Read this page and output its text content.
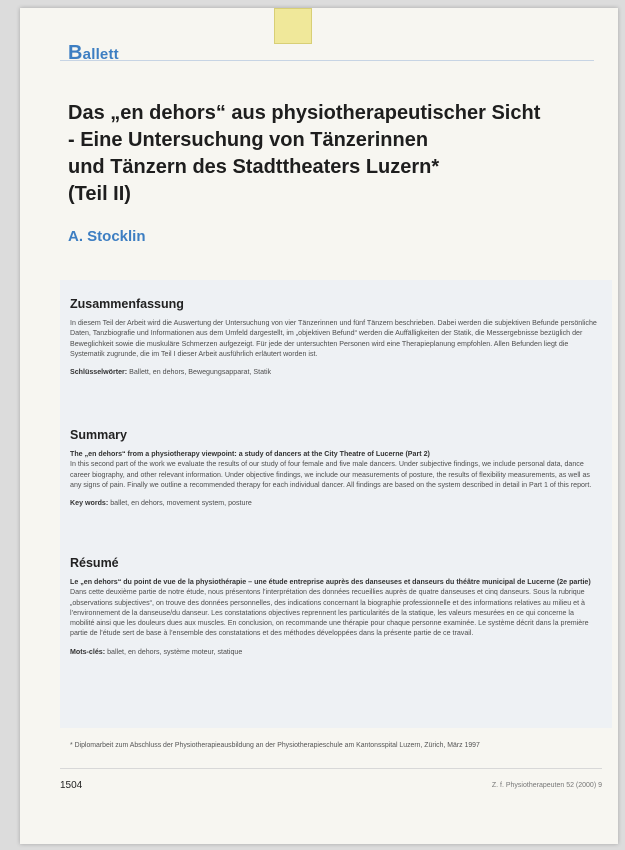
Ballett
Das „en dehors“ aus physiotherapeutischer Sicht
- Eine Untersuchung von Tänzerinnen
und Tänzern des Stadttheaters Luzern*
(Teil II)
A. Stocklin
Zusammenfassung

In diesem Teil der Arbeit wird die Auswertung der Untersuchung von vier Tänzerinnen und fünf Tänzern beschrieben. Dabei werden die subjektiven Befunde persönliche Daten, Tanzbiografie und Informationen aus dem Umfeld dargestellt, im „objektiven Befund“ werden die Auffälligkeiten der Statik, die Messergebnisse bezüglich der Beweglichkeit sowie die muskuläre Schmerzen aufgezeigt. Für jede der untersuchten Personen wird eine Therapieplanung empfohlen. Allen Befunden liegt die Systematik zugrunde, die im Teil I dieser Arbeit ausführlich erläutert worden ist.

Schlüsselwörter: Ballett, en dehors, Bewegungsapparat, Statik

Summary

The „en dehors“ from a physiotherapy viewpoint: a study of dancers at the City Theatre of Lucerne (Part 2)

In this second part of the work we evaluate the results of our study of four female and five male dancers. Under subjective findings, we include personal data, dance career biography, and other relevant information. Under objective findings, we include our measurements of posture, the results of flexibility measurements, as well as any signs of pain. Finally we outline a recommended therapy for each individual dancer. All findings are based on the system described in detail in Part 1 of this report.

Key words: ballet, en dehors, movement system, posture

Résumé

Le „en dehors“ du point de vue de la physiothérapie – une étude entreprise auprès des danseuses et danseurs du théâtre municipal de Lucerne (2e partie)

Dans cette deuxième partie de notre étude, nous présentons l’interprétation des données recueillies auprès de quatre danseuses et cinq danseurs. Sous la rubrique „observations subjectives“, on trouve des données personnelles, des indications concernant la biographie professionnelle et des informations relatives au milieu et à l’environnement de la danseuse/du danseur. Les constatations objectives reprennent les particularités de la statique, les valeurs mesurées en ce qui concerne la mobilité ainsi que les douleurs dues aux muscles. En conclusion, on recommande une thérapie pour chaque personne examinée. Le système décrit dans la première partie de l’étude sert de base à l’ensemble des constatations et des méthodes développées dans la présente partie de ce travail.

Mots-clés: ballet, en dehors, système moteur, statique

* Diplomarbeit zum Abschluss der Physiotherapieausbildung an der Physiotherapieschule am Kantonsspital Luzern, Zürich, März 1997
1504	Z. f. Physiotherapeuten 52 (2000) 9
